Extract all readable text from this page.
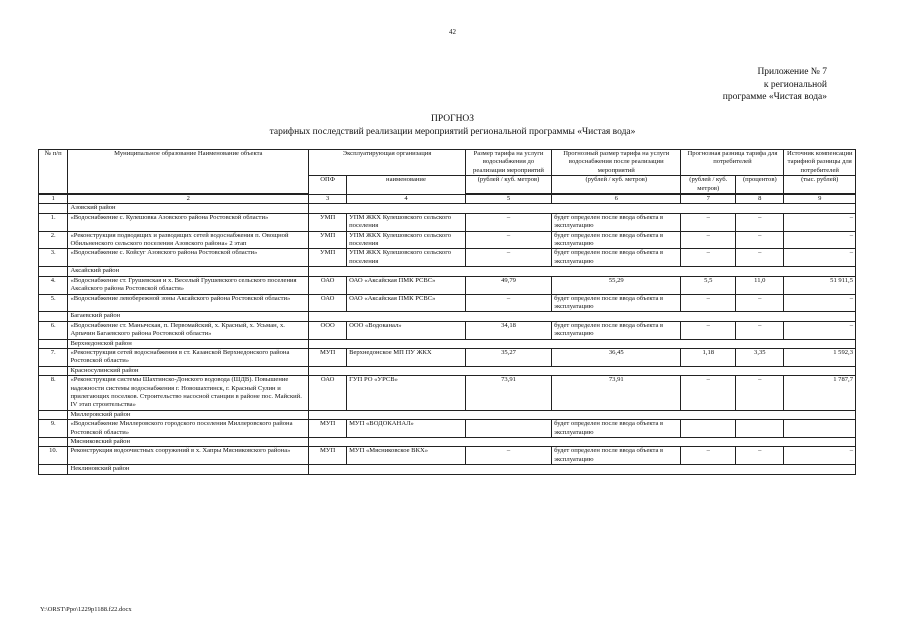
42
Приложение № 7
к региональной
программе «Чистая вода»
ПРОГНОЗ
тарифных последствий реализации мероприятий региональной программы «Чистая вода»
№ п/п	Муниципальное образование Наименование объекта	Эксплуатирующая организация		Размер тарифа на услуги водоснабжения до реализации мероприятий	Прогнозный размер тарифа на услуги водоснабжения после реализации мероприятий	Прогнозная разница тарифа для потребителей		Источник компенсации тарифной разницы для потребителей
		ОПФ	наименование	(рублей / куб. метров)	(рублей / куб. метров)	(рублей / куб. метров)	(процентов)	(тыс. рублей)

1	2	3	4	5	6	7	8	9
	Азовский район							
1.	«Водоснабжение с. Кулешовка Азовского района Ростовской области»	УМП	УПМ ЖКХ Кулешовского сельского поселения	–	будет определен после ввода объекта в эксплуатацию	–	–	–
2.	«Реконструкция подводящих и разводящих сетей водоснабжения п. Овощной Обильненского сельского поселения Азовского района» 2 этап	УМП	УПМ ЖКХ Кулешовского сельского поселения	–	будет определен после ввода объекта в эксплуатацию	–	–	–
3.	«Водоснабжение с. Койсуг Азовского района Ростовской области»	УМП	УПМ ЖКХ Кулешовского сельского поселения	–	будет определен после ввода объекта в эксплуатацию	–	–	–
	Аксайский район							
4.	«Водоснабжение ст. Грушевская и х. Веселый Грушевского сельского поселения Аксайского района Ростовской области»	ОАО	ОАО «Аксайская ПМК РСВС»	49,79	55,29	5,5	11,0	51 911,5
5.	«Водоснабжение левобережной зоны Аксайского района Ростовской области»	ОАО	ОАО «Аксайская ПМК РСВС»	–	будет определен после ввода объекта в эксплуатацию	–	–	–
	Багаевский район							
6.	«Водоснабжение ст. Манычская, п. Первомайский, х. Красный, х. Усьман, х. Арпачин Багаевского района Ростовской области»	ООО	ООО «Водоканал»	34,18	будет определен после ввода объекта в эксплуатацию	–	–	–
	Верхнедонской район							
7.	«Реконструкция сетей водоснабжения в ст. Казанской Верхнедонского района Ростовской области»	МУП	Верхнедонское МП ПУ ЖКХ	35,27	36,45	1,18	3,35	1 592,3
	Красносулинский район							
8.	«Реконструкция системы Шахтинско-Донского водовода (ШДВ). Повышение надежности системы водоснабжения г. Новошахтинск, г. Красный Сулин и прилегающих поселков. Строительство насосной станции в районе пос. Майский. IV этап строительства»	ОАО	ГУП РО «УРСВ»	73,91	73,91	–	–	1 787,7
	Миллеровский район							
9.	«Водоснабжение Миллеровского городского поселения Миллеровского района Ростовской области»	МУП	МУП «ВОДОКАНАЛ»		будет определен после ввода объекта в эксплуатацию			
	Мясниковский район							
10.	Реконструкция водоочистных сооружений в х. Хапры Мясниковского района»	МУП	МУП «Мясниковское ВКХ»	–	будет определен после ввода объекта в эксплуатацию	–	–	–
	Неклиновский район							
Y:\ORST\Ppo\1229p1188.f22.docx
